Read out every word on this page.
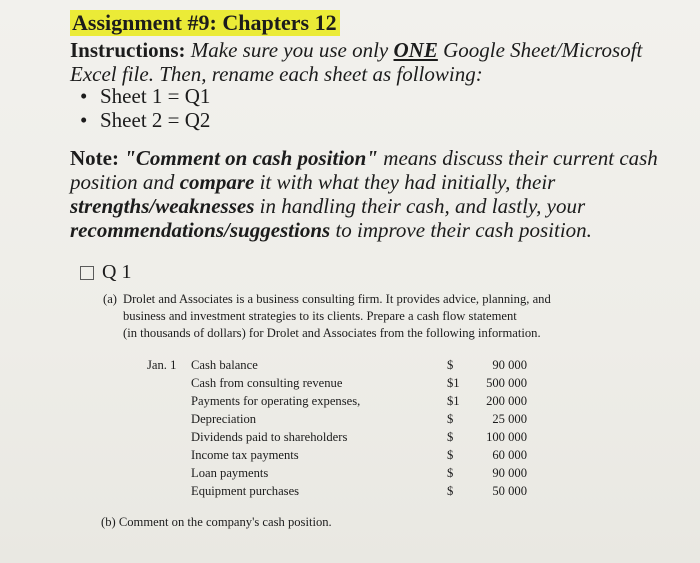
Assignment #9: Chapters 12
Instructions: Make sure you use only ONE Google Sheet/Microsoft Excel file. Then, rename each sheet as following:
• Sheet 1 = Q1
• Sheet 2 = Q2
Note: "Comment on cash position" means discuss their current cash position and compare it with what they had initially, their strengths/weaknesses in handling their cash, and lastly, your recommendations/suggestions to improve their cash position.
Q 1
(a) Drolet and Associates is a business consulting firm. It provides advice, planning, and
business and investment strategies to its clients. Prepare a cash flow statement
(in thousands of dollars) for Drolet and Associates from the following information.
Jan. 1	Cash balance	$	90 000
Cash from consulting revenue	$1 500 000
Payments for operating expenses,	$1 200 000
Depreciation	$	25 000
Dividends paid to shareholders	$	100 000
Income tax payments	$	60 000
Loan payments	$	90 000
Equipment purchases	$	50 000
(b) Comment on the company's cash position.
